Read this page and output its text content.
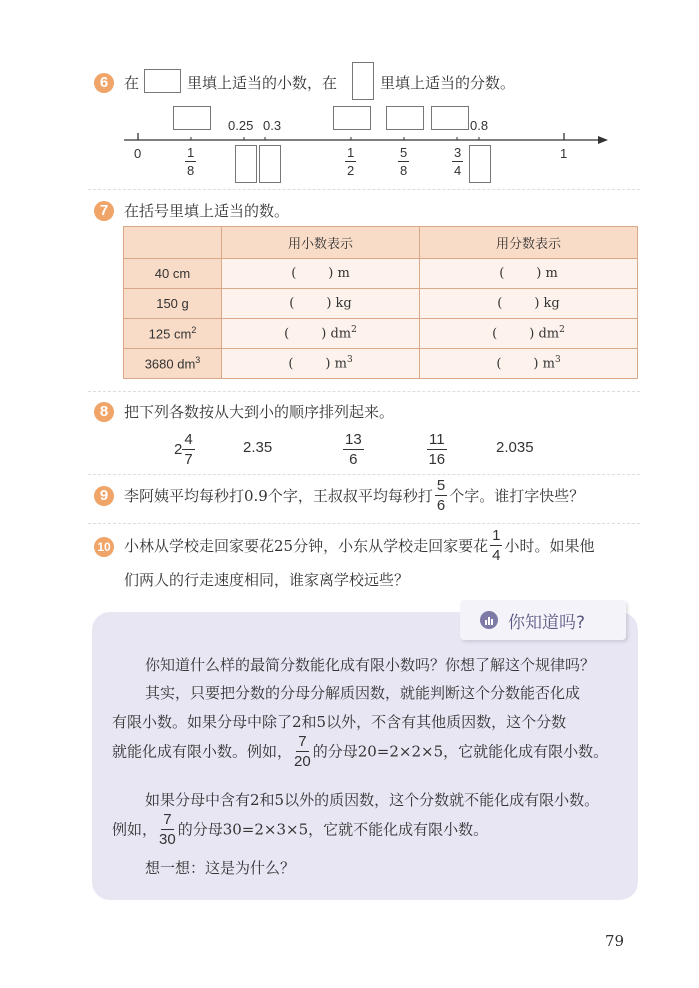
6	在	里填上适当的小数，在	里填上适当的分数。
0.25 0.3	0.8
0	1
$\frac{1}{8}$	$\frac{1}{2}$	$\frac{5}{8}$	$\frac{3}{4}$
7	在括号里填上适当的数。
	用小数表示	用分数表示
40 cm	( ) m	( ) m
150 g	( ) kg	( ) kg
125 $cm^2$	( ) $dm^2$	( ) $dm^2$
3680 $dm^3$	( ) $m^3$	( ) $m^3$
8	把下列各数按从大到小的顺序排列起来。
$2 \frac{4}{7}$	2.35	$\frac{13}{6}$	$\frac{11}{16}$	2.035
9	李阿姨平均每秒打0.9个字，王叔叔平均每秒打 $\frac{5}{6}$ 个字。谁打字快些？
10 小林从学校走回家要花25分钟，小东从学校走回家要花 $\frac{1}{4}$ 小时。如果他
们两人的行走速度相同，谁家离学校远些？
你知道吗?
你知道什么样的最简分数能化成有限小数吗？你想了解这个规律吗？
其实，只要把分数的分母分解质因数，就能判断这个分数能否化成
有限小数。如果分母中除了2和5以外，不含有其他质因数，这个分数
就能化成有限小数。例如， $\frac{7}{20}$ 的分母20=2×2×5，它就能化成有限小数。
如果分母中含有2和5以外的质因数，这个分数就不能化成有限小数。
例如， $\frac{7}{30}$ 的分母30=2×3×5，它就不能化成有限小数。
想一想：这是为什么？
79
